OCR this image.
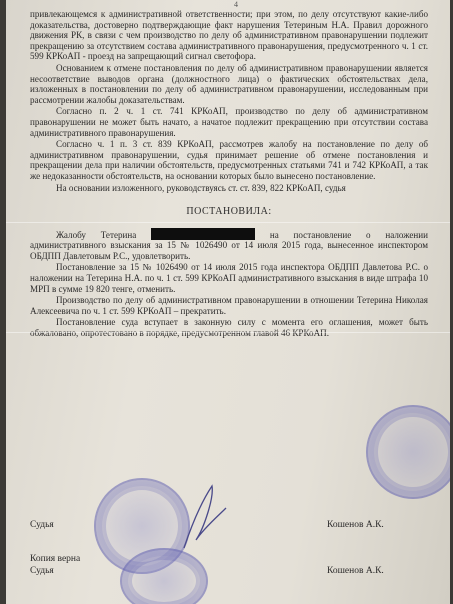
4

привлекающемся к административной ответственности; при этом, по делу отсутствуют какие-либо доказательства, достоверно подтверждающие факт нарушения Тетериным Н.А. Правил дорожного движения РК, в связи с чем производство по делу об административном правонарушении подлежит прекращению за отсутствием состава административного правонарушения, предусмотренного ч. 1 ст. 599 КРКоАП - проезд на запрещающий сигнал светофора.

Основанием к отмене постановления по делу об административном правонарушении является несоответствие выводов органа (должностного лица) о фактических обстоятельствах дела, изложенных в постановлении по делу об административном правонарушении, исследованным при рассмотрении жалобы доказательствам.

Согласно п. 2 ч. 1 ст. 741 КРКоАП, производство по делу об административном правонарушении не может быть начато, а начатое подлежит прекращению при отсутствии состава административного правонарушения.

Согласно ч. 1 п. 3 ст. 839 КРКоАП, рассмотрев жалобу на постановление по делу об административном правонарушении, судья принимает решение об отмене постановления и прекращении дела при наличии обстоятельств, предусмотренных статьями 741 и 742 КРКоАП, а так же недоказанности обстоятельств, на основании которых было вынесено постановление.

На основании изложенного, руководствуясь ст. ст. 839, 822 КРКоАП, судья

ПОСТАНОВИЛА:

Жалобу Тетерина	на постановление о наложении административного взыскания за 15 № 1026490 от 14 июля 2015 года, вынесенное инспектором ОБДПП Давлетовым Р.С., удовлетворить.

Постановление за 15 № 1026490 от 14 июля 2015 года инспектора ОБДПП Давлетова Р.С. о наложении на Тетерина Н.А. по ч. 1 ст. 599 КРКоАП административного взыскания в виде штрафа 10 МРП в сумме 19 820 тенге, отменить.

Производство по делу об административном правонарушении в отношении Тетерина Николая Алексеевича по ч. 1 ст. 599 КРКоАП – прекратить.

Постановление суда вступает в законную силу с момента его оглашения, может быть обжаловано, опротестовано в порядке, предусмотренном главой 46 КРКоАП.

Судья	Кошенов А.К.
Копия верна
Судья	Кошенов А.К.
